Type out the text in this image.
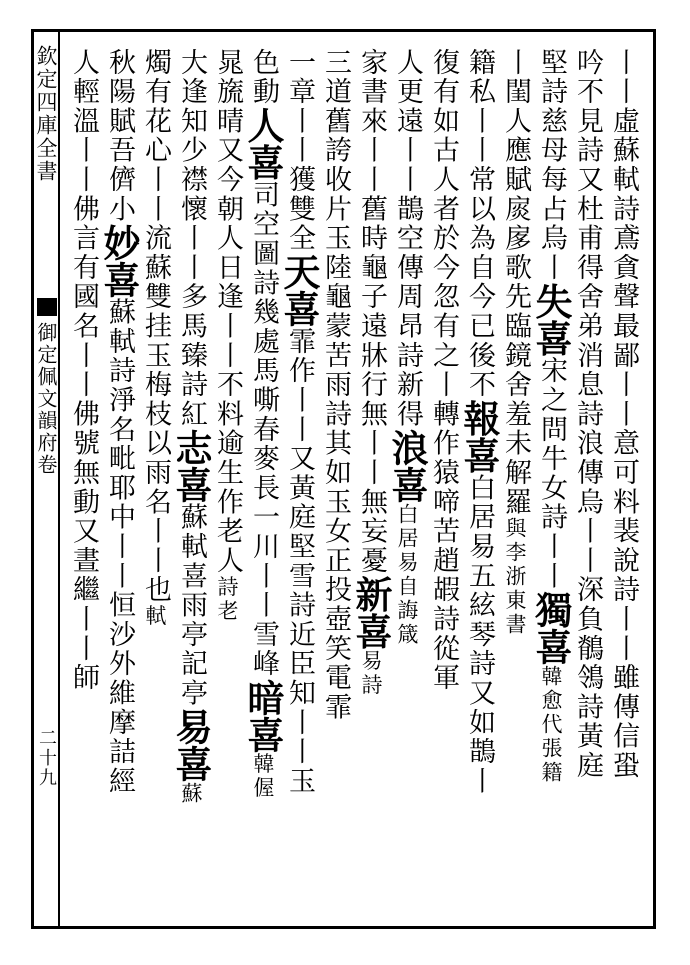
欽定四庫全書
御定佩文韻府卷
二十九	丨丨虛蘇軾詩鳶貪聲最鄙丨丨意可料裴說詩丨丨雖傳信蛩
吟不見詩又杜甫得舍弟消息詩浪傳烏丨丨深負鶺鴒詩黃庭
堅詩慈母每占烏丨失喜宋之問牛女詩丨丨獨喜韓愈代張籍
丨閨人應賦扊扅歌先臨鏡舍羞未解羅與李浙東書
籍私丨丨常以為自今已後不報喜白居易五絃琴詩又如鵲丨
復有如古人者於今忽有之丨轉作猿啼苦趙嘏詩從軍
人更遠丨丨鵲空傳周昂詩新得浪喜白居易自誨箴
家書來丨丨舊時龜子遠牀行無丨丨無妄憂新喜易詩
三道舊誇收片玉陸龜蒙苦雨詩其如玉女正投壺笑電霏
一章丨丨獲雙全天喜霏作丨丨又黃庭堅雪詩近臣知丨丨玉
色動人喜司空圖詩幾處馬嘶春麥長一川丨丨雪峰暗喜韓偓
晁旒晴又今朝人日逢丨丨不料逾生作老人詩老
大逢知少襟懷丨丨多馬臻詩紅志喜蘇軾喜雨亭記亭易喜蘇
燭有花心丨丨流蘇雙挂玉梅枝以雨名丨丨也軾
秋陽賦吾儕小妙喜蘇軾詩淨名毗耶中丨丨恒沙外維摩詰經
人輕溫丨丨佛言有國名丨丨佛號無動又晝繼丨丨師
